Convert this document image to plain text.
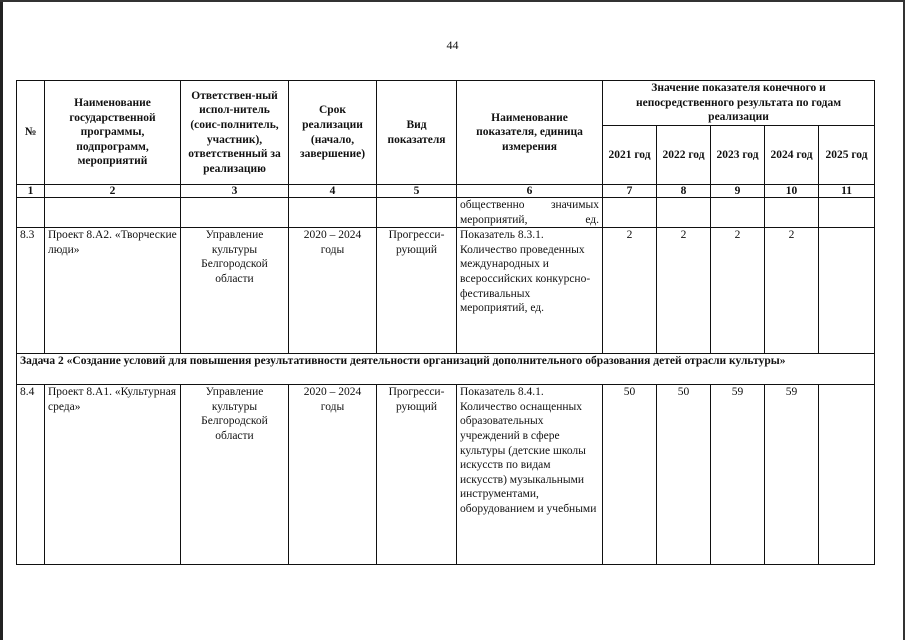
44
№	Наименование государственной программы, подпрограмм, мероприятий	Ответствен-ный испол-нитель (соис-полнитель, участник), ответственный за реализацию	Срок реализации (начало, завершение)	Вид показателя	Наименование показателя, единица измерения	Значение показателя конечного и непосредственного результата по годам реализации				
						2021 год	2022 год	2023 год	2024 год	2025 год
1	2	3	4	5	6	7	8	9	10	11
					общественно значимых мероприятий, ед.					
8.3	Проект 8.А2. «Творческие люди»	Управление культуры Белгородской области	2020 – 2024 годы	Прогресси-рующий	Показатель 8.3.1. Количество проведенных международных и всероссийских конкурсно-фестивальных мероприятий, ед.	2	2	2	2	
Задача 2 «Создание условий для повышения результативности деятельности организаций дополнительного образования детей отрасли культуры»										
8.4	Проект 8.А1. «Культурная среда»	Управление культуры Белгородской области	2020 – 2024 годы	Прогресси-рующий	Показатель 8.4.1. Количество оснащенных образовательных учреждений в сфере культуры (детские школы искусств по видам искусств) музыкальными инструментами, оборудованием и учебными	50	50	59	59	
